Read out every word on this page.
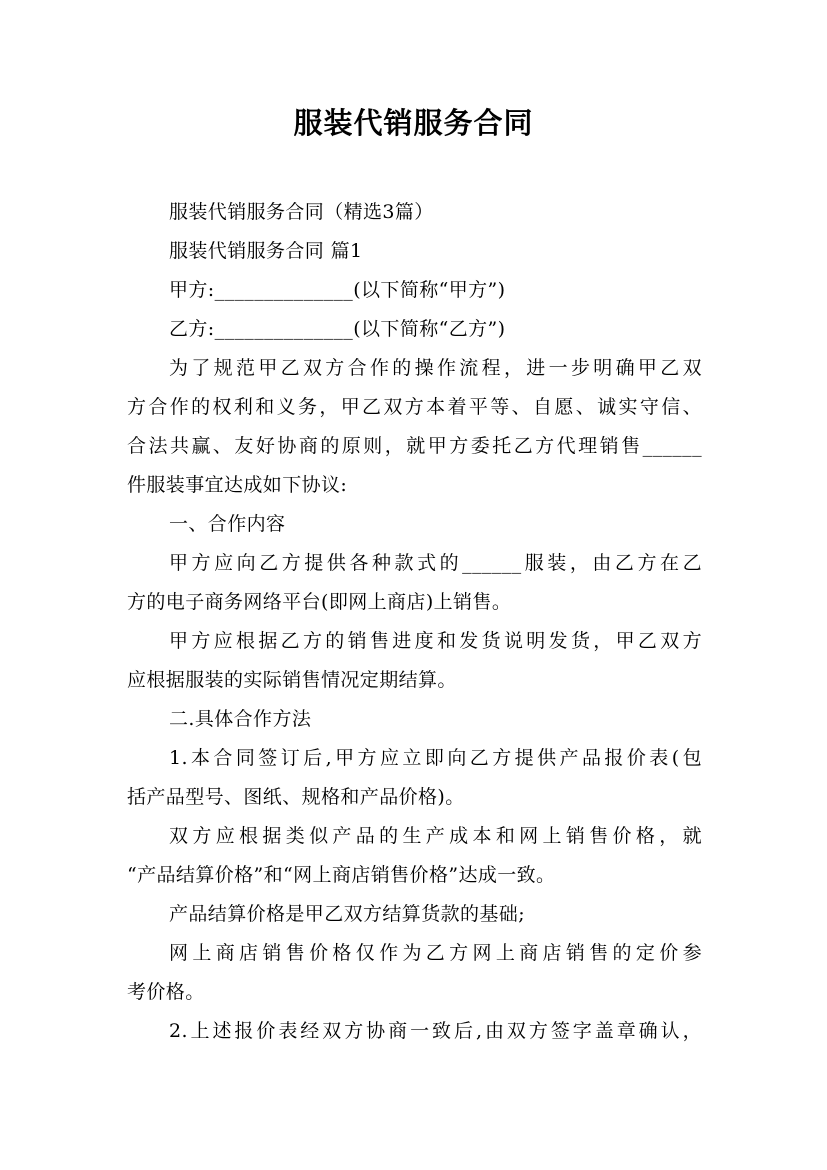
服装代销服务合同
服装代销服务合同（精选3篇）
服装代销服务合同 篇1
甲方:______________(以下简称“甲方”)
乙方:______________(以下简称“乙方”)
为了规范甲乙双方合作的操作流程，进一步明确甲乙双
方合作的权利和义务，甲乙双方本着平等、自愿、诚实守信、
合法共赢、友好协商的原则，就甲方委托乙方代理销售______
件服装事宜达成如下协议:
一、合作内容
甲方应向乙方提供各种款式的______服装，由乙方在乙
方的电子商务网络平台(即网上商店)上销售。
甲方应根据乙方的销售进度和发货说明发货，甲乙双方
应根据服装的实际销售情况定期结算。
二.具体合作方法
1.本合同签订后,甲方应立即向乙方提供产品报价表(包
括产品型号、图纸、规格和产品价格)。
双方应根据类似产品的生产成本和网上销售价格，就
“产品结算价格”和“网上商店销售价格”达成一致。
产品结算价格是甲乙双方结算货款的基础;
网上商店销售价格仅作为乙方网上商店销售的定价参
考价格。
2.上述报价表经双方协商一致后,由双方签字盖章确认，
